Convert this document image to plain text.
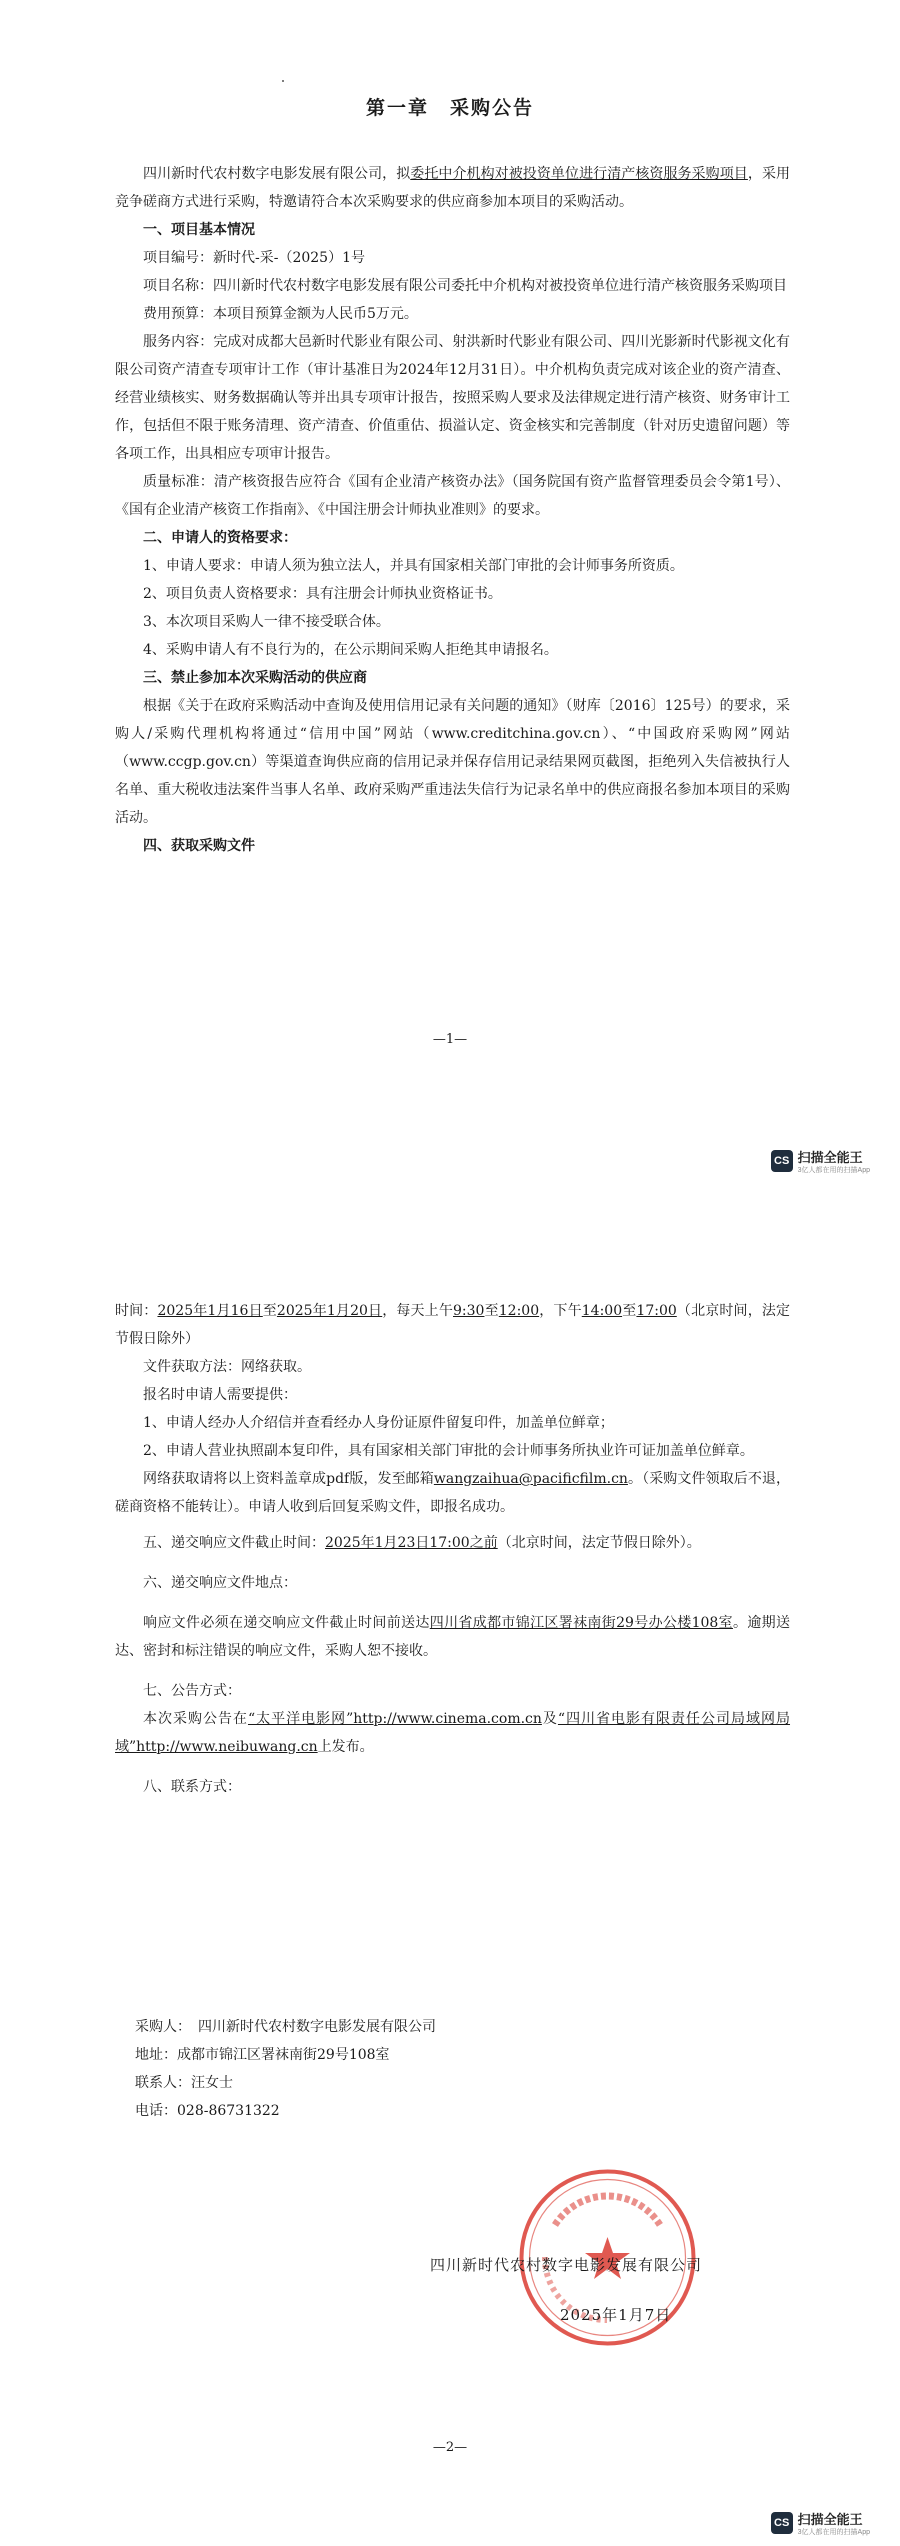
第一章　采购公告

四川新时代农村数字电影发展有限公司，拟委托中介机构对被投资单位进行清产核资服务采购项目，采用竞争磋商方式进行采购，特邀请符合本次采购要求的供应商参加本项目的采购活动。

一、项目基本情况

项目编号：新时代-采-（2025）1号

项目名称：四川新时代农村数字电影发展有限公司委托中介机构对被投资单位进行清产核资服务采购项目

费用预算：本项目预算金额为人民币5万元。

服务内容：完成对成都大邑新时代影业有限公司、射洪新时代影业有限公司、四川光影新时代影视文化有限公司资产清查专项审计工作（审计基准日为2024年12月31日）。中介机构负责完成对该企业的资产清查、经营业绩核实、财务数据确认等并出具专项审计报告，按照采购人要求及法律规定进行清产核资、财务审计工作，包括但不限于账务清理、资产清查、价值重估、损溢认定、资金核实和完善制度（针对历史遗留问题）等各项工作，出具相应专项审计报告。

质量标准：清产核资报告应符合《国有企业清产核资办法》（国务院国有资产监督管理委员会令第1号）、《国有企业清产核资工作指南》、《中国注册会计师执业准则》的要求。

二、申请人的资格要求：

1、申请人要求：申请人须为独立法人，并具有国家相关部门审批的会计师事务所资质。

2、项目负责人资格要求：具有注册会计师执业资格证书。

3、本次项目采购人一律不接受联合体。

4、采购申请人有不良行为的，在公示期间采购人拒绝其申请报名。

三、禁止参加本次采购活动的供应商

根据《关于在政府采购活动中查询及使用信用记录有关问题的通知》（财库〔2016〕125号）的要求，采购人/采购代理机构将通过“信用中国”网站（www.creditchina.gov.cn）、“中国政府采购网”网站（www.ccgp.gov.cn）等渠道查询供应商的信用记录并保存信用记录结果网页截图，拒绝列入失信被执行人名单、重大税收违法案件当事人名单、政府采购严重违法失信行为记录名单中的供应商报名参加本项目的采购活动。

四、获取采购文件

—1—
CS 扫描全能王
3亿人都在用的扫描App

时间：2025年1月16日至2025年1月20日，每天上午9:30至12:00，下午14:00至17:00（北京时间，法定节假日除外）

文件获取方法：网络获取。

报名时申请人需要提供：

1、申请人经办人介绍信并查看经办人身份证原件留复印件，加盖单位鲜章；

2、申请人营业执照副本复印件，具有国家相关部门审批的会计师事务所执业许可证加盖单位鲜章。

网络获取请将以上资料盖章成pdf版，发至邮箱wangzaihua@pacificfilm.cn。（采购文件领取后不退，磋商资格不能转让）。申请人收到后回复采购文件，即报名成功。

五、递交响应文件截止时间：2025年1月23日17:00之前（北京时间，法定节假日除外）。

六、递交响应文件地点：

响应文件必须在递交响应文件截止时间前送达四川省成都市锦江区署袜南街29号办公楼108室。逾期送达、密封和标注错误的响应文件，采购人恕不接收。

七、公告方式：

本次采购公告在“太平洋电影网”http://www.cinema.com.cn及“四川省电影有限责任公司局域网局域”http://www.neibuwang.cn上发布。

八、联系方式：

采购人：　四川新时代农村数字电影发展有限公司
地址：成都市锦江区署袜南街29号108室
联系人：汪女士
电话：028-86731322
四川新时代农村数字电影发展有限公司
2025年1月7日
—2—
CS 扫描全能王
3亿人都在用的扫描App
